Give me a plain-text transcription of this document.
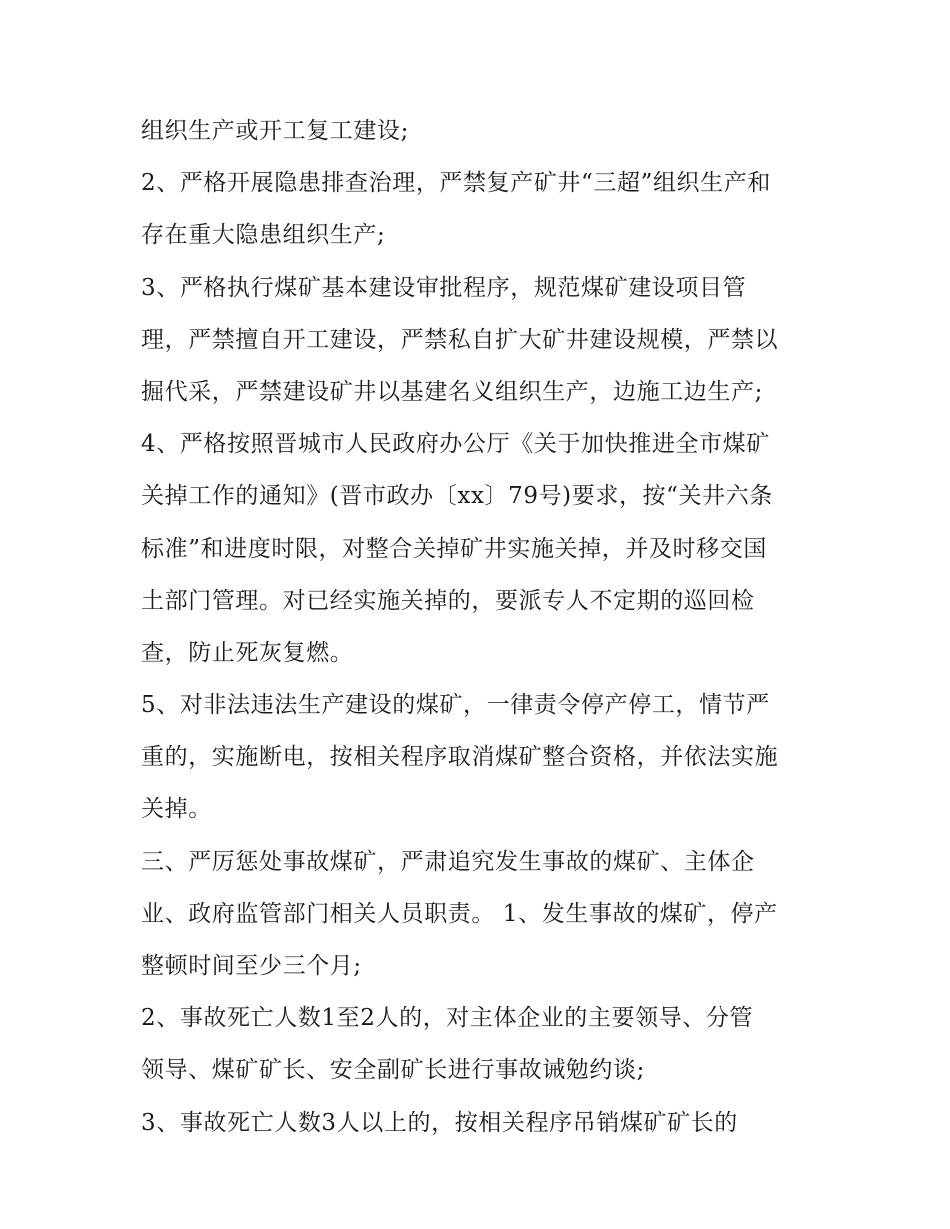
组织生产或开工复工建设;
2、严格开展隐患排查治理，严禁复产矿井“三超”组织生产和
存在重大隐患组织生产;
3、严格执行煤矿基本建设审批程序，规范煤矿建设项目管
理，严禁擅自开工建设，严禁私自扩大矿井建设规模，严禁以
掘代采，严禁建设矿井以基建名义组织生产，边施工边生产;
4、严格按照晋城市人民政府办公厅《关于加快推进全市煤矿
关掉工作的通知》(晋市政办〔xx〕79号)要求，按“关井六条
标准”和进度时限，对整合关掉矿井实施关掉，并及时移交国
土部门管理。对已经实施关掉的，要派专人不定期的巡回检
查，防止死灰复燃。
5、对非法违法生产建设的煤矿，一律责令停产停工，情节严
重的，实施断电，按相关程序取消煤矿整合资格，并依法实施
关掉。
三、严厉惩处事故煤矿，严肃追究发生事故的煤矿、主体企
业、政府监管部门相关人员职责。 1、发生事故的煤矿，停产
整顿时间至少三个月;
2、事故死亡人数1至2人的，对主体企业的主要领导、分管
领导、煤矿矿长、安全副矿长进行事故诫勉约谈;
3、事故死亡人数3人以上的，按相关程序吊销煤矿矿长的
